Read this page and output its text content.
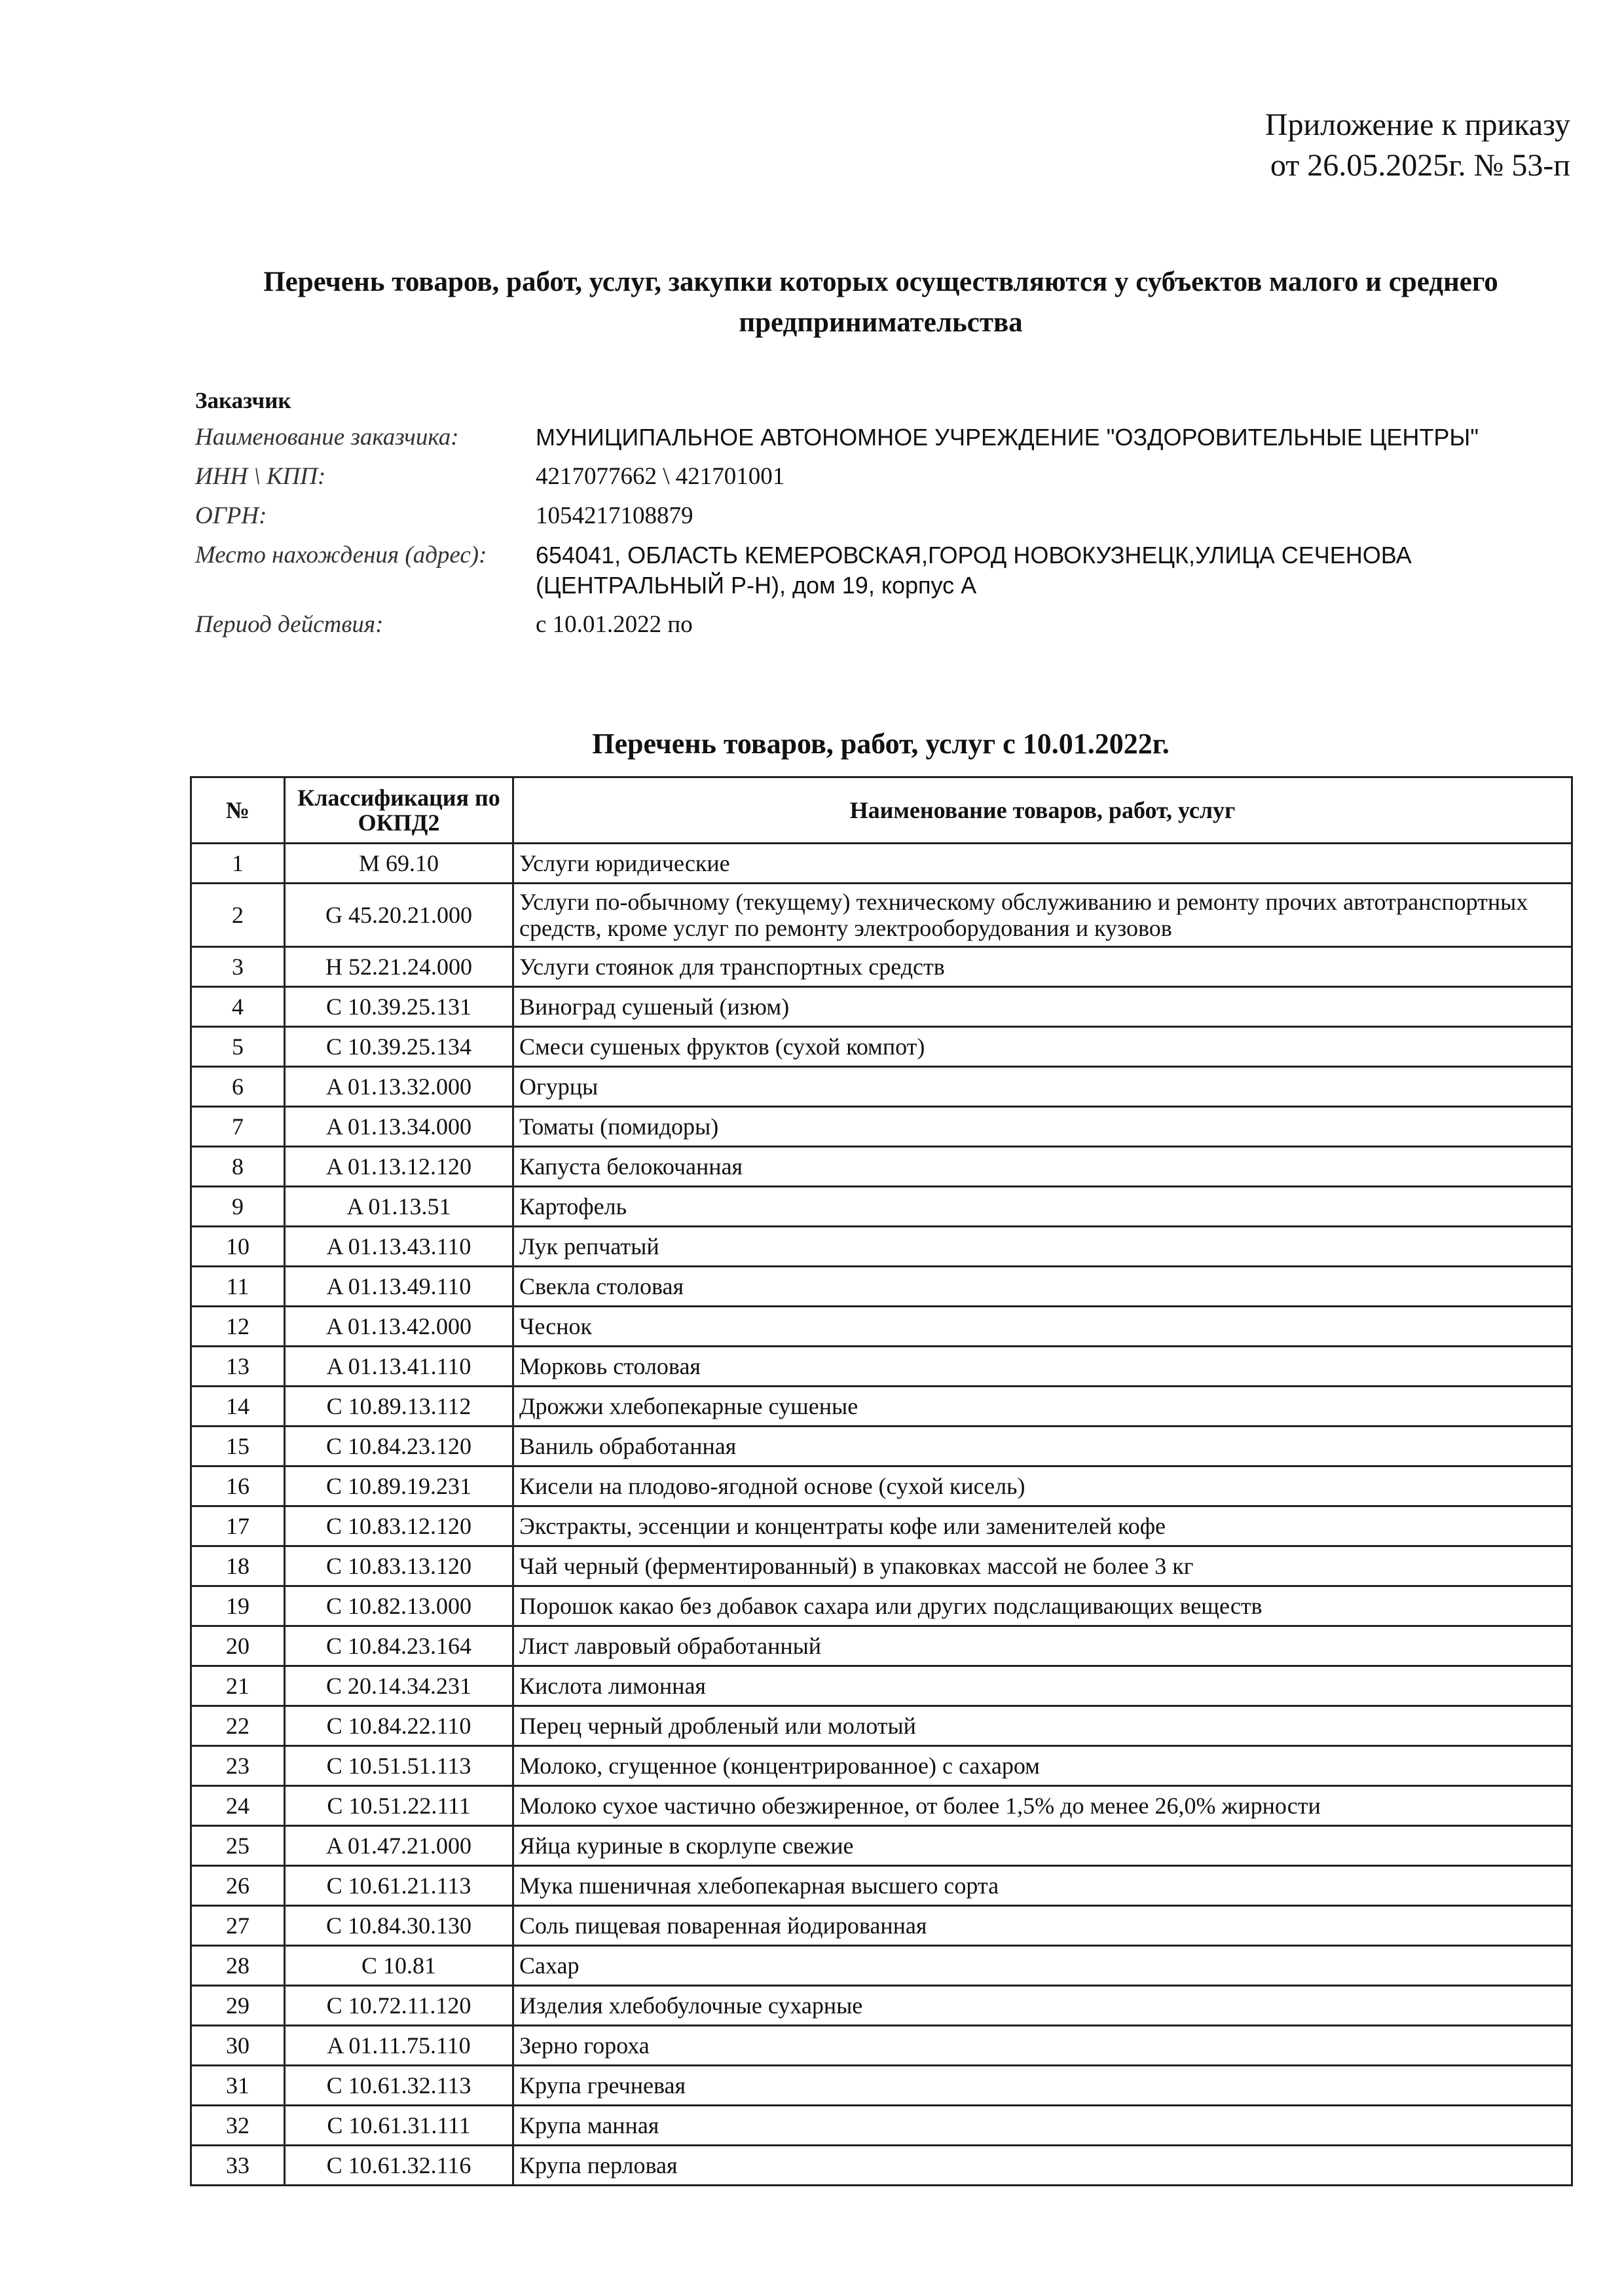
Приложение к приказу
от 26.05.2025г. № 53-п
Перечень товаров, работ, услуг, закупки которых осуществляются у субъектов малого и среднего предпринимательства
Заказчик
Наименование заказчика:	МУНИЦИПАЛЬНОЕ АВТОНОМНОЕ УЧРЕЖДЕНИЕ "ОЗДОРОВИТЕЛЬНЫЕ ЦЕНТРЫ"
ИНН \ КПП:	4217077662 \ 421701001
ОГРН:	1054217108879
Место нахождения (адрес):	654041, ОБЛАСТЬ КЕМЕРОВСКАЯ,ГОРОД НОВОКУЗНЕЦК,УЛИЦА СЕЧЕНОВА (ЦЕНТРАЛЬНЫЙ Р-Н), дом 19, корпус А
Период действия:	с 10.01.2022 по
Перечень товаров, работ, услуг с 10.01.2022г.
№	Классификация по ОКПД2	Наименование товаров, работ, услуг
1	M 69.10	Услуги юридические
2	G 45.20.21.000	Услуги по-обычному (текущему) техническому обслуживанию и ремонту прочих автотранспортных средств, кроме услуг по ремонту электрооборудования и кузовов
3	H 52.21.24.000	Услуги стоянок для транспортных средств
4	C 10.39.25.131	Виноград сушеный (изюм)
5	C 10.39.25.134	Смеси сушеных фруктов (сухой компот)
6	A 01.13.32.000	Огурцы
7	A 01.13.34.000	Томаты (помидоры)
8	A 01.13.12.120	Капуста белокочанная
9	A 01.13.51	Картофель
10	A 01.13.43.110	Лук репчатый
11	A 01.13.49.110	Свекла столовая
12	A 01.13.42.000	Чеснок
13	A 01.13.41.110	Морковь столовая
14	C 10.89.13.112	Дрожжи хлебопекарные сушеные
15	C 10.84.23.120	Ваниль обработанная
16	C 10.89.19.231	Кисели на плодово-ягодной основе (сухой кисель)
17	C 10.83.12.120	Экстракты, эссенции и концентраты кофе или заменителей кофе
18	C 10.83.13.120	Чай черный (ферментированный) в упаковках массой не более 3 кг
19	C 10.82.13.000	Порошок какао без добавок сахара или других подслащивающих веществ
20	C 10.84.23.164	Лист лавровый обработанный
21	C 20.14.34.231	Кислота лимонная
22	C 10.84.22.110	Перец черный дробленый или молотый
23	C 10.51.51.113	Молоко, сгущенное (концентрированное) с сахаром
24	C 10.51.22.111	Молоко сухое частично обезжиренное, от более 1,5% до менее 26,0% жирности
25	A 01.47.21.000	Яйца куриные в скорлупе свежие
26	C 10.61.21.113	Мука пшеничная хлебопекарная высшего сорта
27	C 10.84.30.130	Соль пищевая поваренная йодированная
28	C 10.81	Сахар
29	C 10.72.11.120	Изделия хлебобулочные сухарные
30	A 01.11.75.110	Зерно гороха
31	C 10.61.32.113	Крупа гречневая
32	C 10.61.31.111	Крупа манная
33	C 10.61.32.116	Крупа перловая
